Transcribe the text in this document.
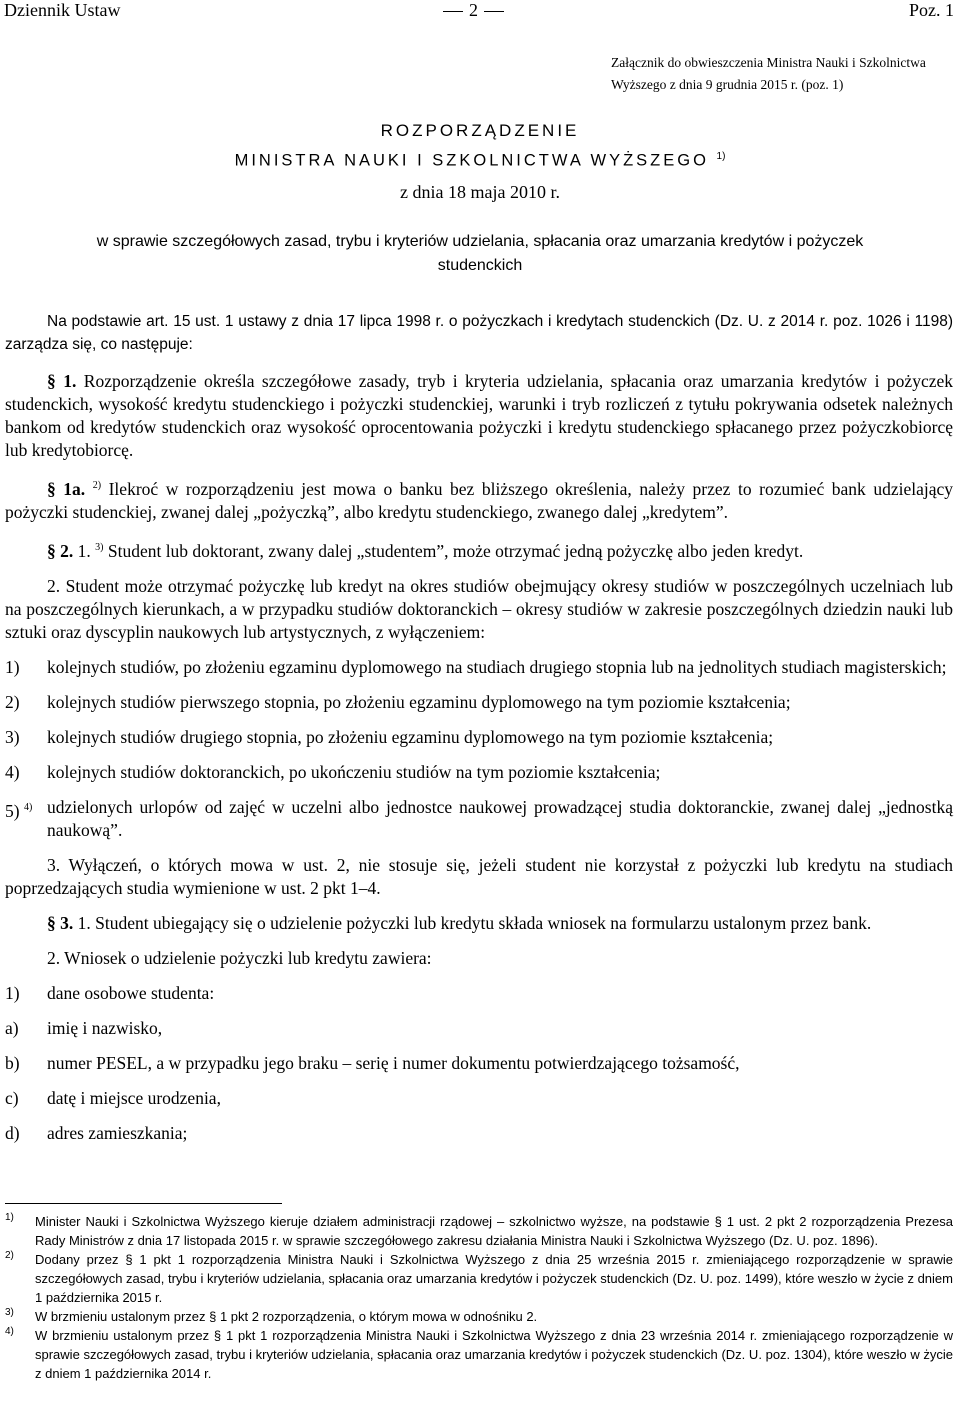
Dziennik Ustaw	2	Poz. 1
Załącznik do obwieszczenia Ministra Nauki i Szkolnictwa Wyższego z dnia 9 grudnia 2015 r. (poz. 1)
ROZPORZĄDZENIE
MINISTRA NAUKI I SZKOLNICTWA WYŻSZEGO $^{1)}$
z dnia 18 maja 2010 r.
w sprawie szczegółowych zasad, trybu i kryteriów udzielania, spłacania oraz umarzania kredytów i pożyczek studenckich

Na podstawie art. 15 ust. 1 ustawy z dnia 17 lipca 1998 r. o pożyczkach i kredytach studenckich (Dz. U. z 2014 r. poz. 1026 i 1198) zarządza się, co następuje:

§ 1. Rozporządzenie określa szczegółowe zasady, tryb i kryteria udzielania, spłacania oraz umarzania kredytów i pożyczek studenckich, wysokość kredytu studenckiego i pożyczki studenckiej, warunki i tryb rozliczeń z tytułu pokrywania odsetek należnych bankom od kredytów studenckich oraz wysokość oprocentowania pożyczki i kredytu studenckiego spłacanego przez pożyczkobiorcę lub kredytobiorcę.

§ 1a. $^{2)}$ Ilekroć w rozporządzeniu jest mowa o banku bez bliższego określenia, należy przez to rozumieć bank udzielający pożyczki studenckiej, zwanej dalej „pożyczką”, albo kredytu studenckiego, zwanego dalej „kredytem”.

§ 2. 1. $^{3)}$ Student lub doktorant, zwany dalej „studentem”, może otrzymać jedną pożyczkę albo jeden kredyt.

2. Student może otrzymać pożyczkę lub kredyt na okres studiów obejmujący okresy studiów w poszczególnych uczelniach lub na poszczególnych kierunkach, a w przypadku studiów doktoranckich – okresy studiów w zakresie poszczególnych dziedzin nauki lub sztuki oraz dyscyplin naukowych lub artystycznych, z wyłączeniem:

1) kolejnych studiów, po złożeniu egzaminu dyplomowego na studiach drugiego stopnia lub na jednolitych studiach magisterskich;
2) kolejnych studiów pierwszego stopnia, po złożeniu egzaminu dyplomowego na tym poziomie kształcenia;
3) kolejnych studiów drugiego stopnia, po złożeniu egzaminu dyplomowego na tym poziomie kształcenia;
4) kolejnych studiów doktoranckich, po ukończeniu studiów na tym poziomie kształcenia;
5) $^{4)}$ udzielonych urlopów od zajęć w uczelni albo jednostce naukowej prowadzącej studia doktoranckie, zwanej dalej „jednostką naukową”.

3. Wyłączeń, o których mowa w ust. 2, nie stosuje się, jeżeli student nie korzystał z pożyczki lub kredytu na studiach poprzedzających studia wymienione w ust. 2 pkt 1–4.

§ 3. 1. Student ubiegający się o udzielenie pożyczki lub kredytu składa wniosek na formularzu ustalonym przez bank.

2. Wniosek o udzielenie pożyczki lub kredytu zawiera:

1) dane osobowe studenta:
a) imię i nazwisko,
b) numer PESEL, a w przypadku jego braku – serię i numer dokumentu potwierdzającego tożsamość,
c) datę i miejsce urodzenia,
d) adres zamieszkania;
1) Minister Nauki i Szkolnictwa Wyższego kieruje działem administracji rządowej – szkolnictwo wyższe, na podstawie § 1 ust. 2 pkt 2 rozporządzenia Prezesa Rady Ministrów z dnia 17 listopada 2015 r. w sprawie szczegółowego zakresu działania Ministra Nauki i Szkolnictwa Wyższego (Dz. U. poz. 1896).
2) Dodany przez § 1 pkt 1 rozporządzenia Ministra Nauki i Szkolnictwa Wyższego z dnia 25 września 2015 r. zmieniającego rozporządzenie w sprawie szczegółowych zasad, trybu i kryteriów udzielania, spłacania oraz umarzania kredytów i pożyczek studenckich (Dz. U. poz. 1499), które weszło w życie z dniem 1 października 2015 r.
3) W brzmieniu ustalonym przez § 1 pkt 2 rozporządzenia, o którym mowa w odnośniku 2.
4) W brzmieniu ustalonym przez § 1 pkt 1 rozporządzenia Ministra Nauki i Szkolnictwa Wyższego z dnia 23 września 2014 r. zmieniającego rozporządzenie w sprawie szczegółowych zasad, trybu i kryteriów udzielania, spłacania oraz umarzania kredytów i pożyczek studenckich (Dz. U. poz. 1304), które weszło w życie z dniem 1 października 2014 r.
